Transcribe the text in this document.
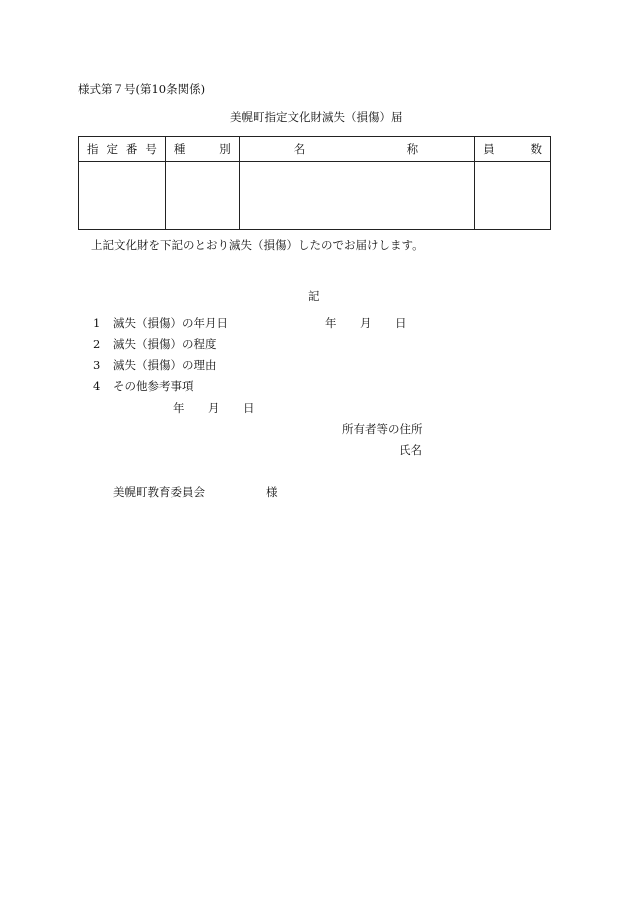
様式第７号(第10条関係)
美幌町指定文化財滅失（損傷）届
指 定 番 号	種 別	名 称	員 数

上記文化財を下記のとおり滅失（損傷）したのでお届けします。
記
1 滅失（損傷）の年月日	年 月 日
2 滅失（損傷）の程度
3 滅失（損傷）の理由
4 その他参考事項
年 月 日
所有者等の住所
氏名
美幌町教育委員会	様
